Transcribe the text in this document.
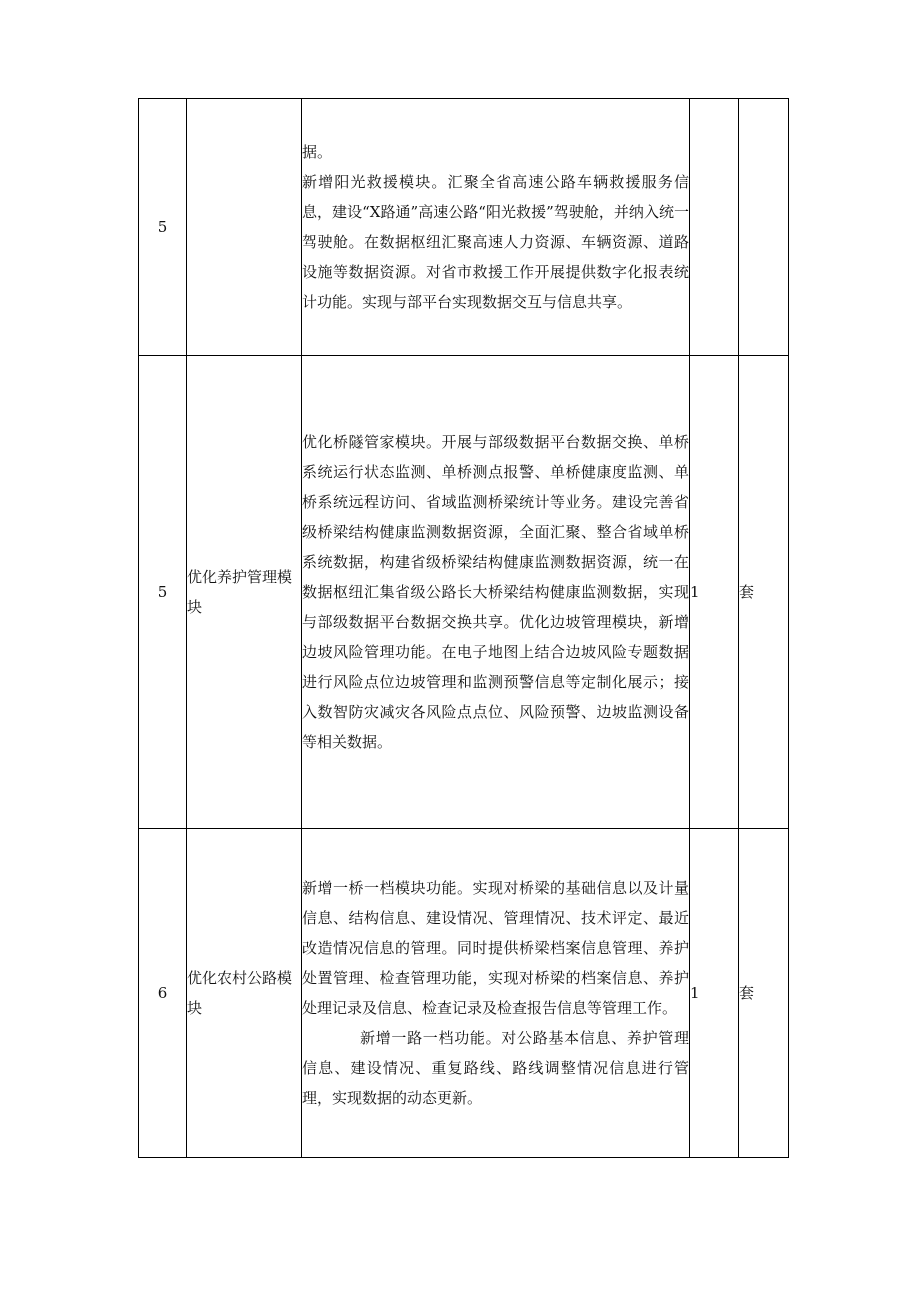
5		据。
新增阳光救援模块。汇聚全省高速公路车辆救援服务信息，建设“X路通”高速公路“阳光救援”驾驶舱，并纳入统一驾驶舱。在数据枢纽汇聚高速人力资源、车辆资源、道路设施等数据资源。对省市救援工作开展提供数字化报表统计功能。实现与部平台实现数据交互与信息共享。		

5	优化养护管理模块	优化桥隧管家模块。开展与部级数据平台数据交换、单桥系统运行状态监测、单桥测点报警、单桥健康度监测、单桥系统远程访问、省域监测桥梁统计等业务。建设完善省级桥梁结构健康监测数据资源，全面汇聚、整合省域单桥系统数据，构建省级桥梁结构健康监测数据资源，统一在数据枢纽汇集省级公路长大桥梁结构健康监测数据，实现与部级数据平台数据交换共享。优化边坡管理模块，新增边坡风险管理功能。在电子地图上结合边坡风险专题数据进行风险点位边坡管理和监测预警信息等定制化展示；接入数智防灾减灾各风险点点位、风险预警、边坡监测设备等相关数据。	1	套
6	优化农村公路模块	新增一桥一档模块功能。实现对桥梁的基础信息以及计量信息、结构信息、建设情况、管理情况、技术评定、最近改造情况信息的管理。同时提供桥梁档案信息管理、养护处置管理、检查管理功能，实现对桥梁的档案信息、养护处理记录及信息、检查记录及检查报告信息等管理工作。
新增一路一档功能。对公路基本信息、养护管理信息、建设情况、重复路线、路线调整情况信息进行管理，实现数据的动态更新。	1	套
